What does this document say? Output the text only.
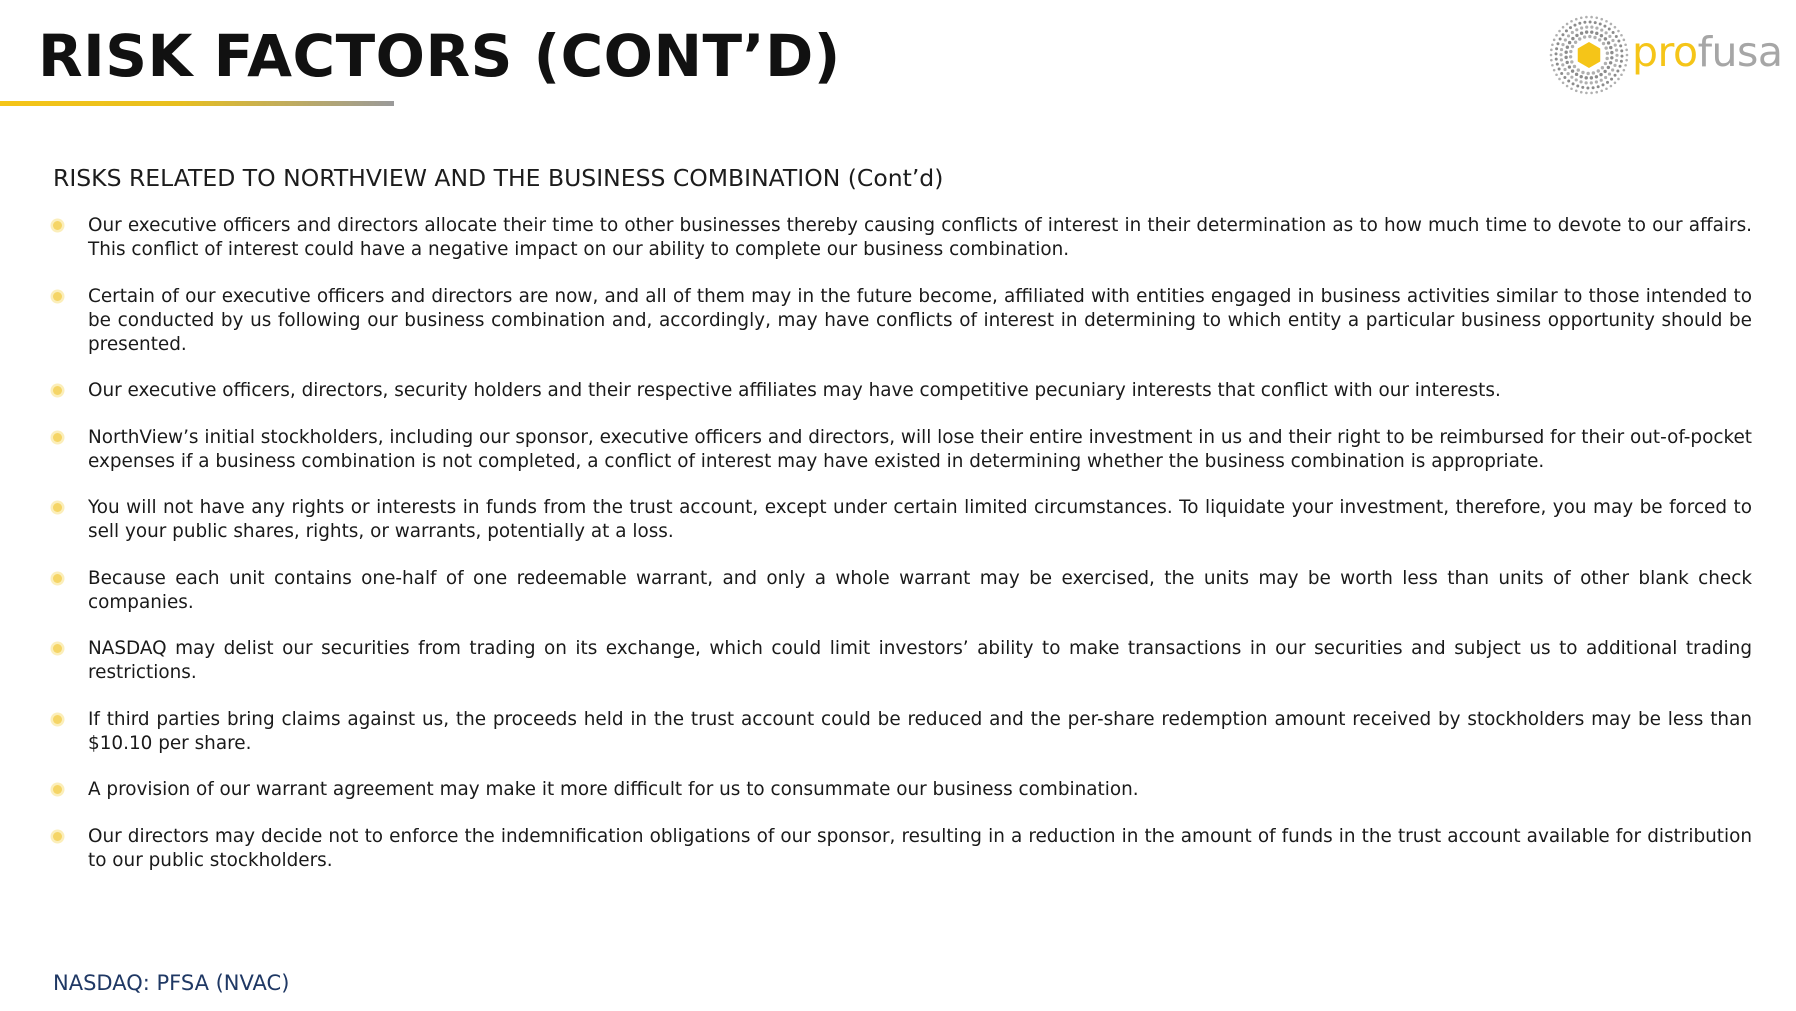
RISK FACTORS (CONT’D)	profusa
RISKS RELATED TO NORTHVIEW AND THE BUSINESS COMBINATION (Cont’d)
Our executive officers and directors allocate their time to other businesses thereby causing conflicts of interest in their determination as to how much time to devote to our affairs. This conflict of interest could have a negative impact on our ability to complete our business combination.
Certain of our executive officers and directors are now, and all of them may in the future become, affiliated with entities engaged in business activities similar to those intended to be conducted by us following our business combination and, accordingly, may have conflicts of interest in determining to which entity a particular business opportunity should be presented.
Our executive officers, directors, security holders and their respective affiliates may have competitive pecuniary interests that conflict with our interests.
NorthView’s initial stockholders, including our sponsor, executive officers and directors, will lose their entire investment in us and their right to be reimbursed for their out-of-pocket expenses if a business combination is not completed, a conflict of interest may have existed in determining whether the business combination is appropriate.
You will not have any rights or interests in funds from the trust account, except under certain limited circumstances. To liquidate your investment, therefore, you may be forced to sell your public shares, rights, or warrants, potentially at a loss.
Because each unit contains one-half of one redeemable warrant, and only a whole warrant may be exercised, the units may be worth less than units of other blank check companies.
NASDAQ may delist our securities from trading on its exchange, which could limit investors’ ability to make transactions in our securities and subject us to additional trading restrictions.
If third parties bring claims against us, the proceeds held in the trust account could be reduced and the per-share redemption amount received by stockholders may be less than $10.10 per share.
A provision of our warrant agreement may make it more difficult for us to consummate our business combination.
Our directors may decide not to enforce the indemnification obligations of our sponsor, resulting in a reduction in the amount of funds in the trust account available for distribution to our public stockholders.
NASDAQ: PFSA (NVAC)
